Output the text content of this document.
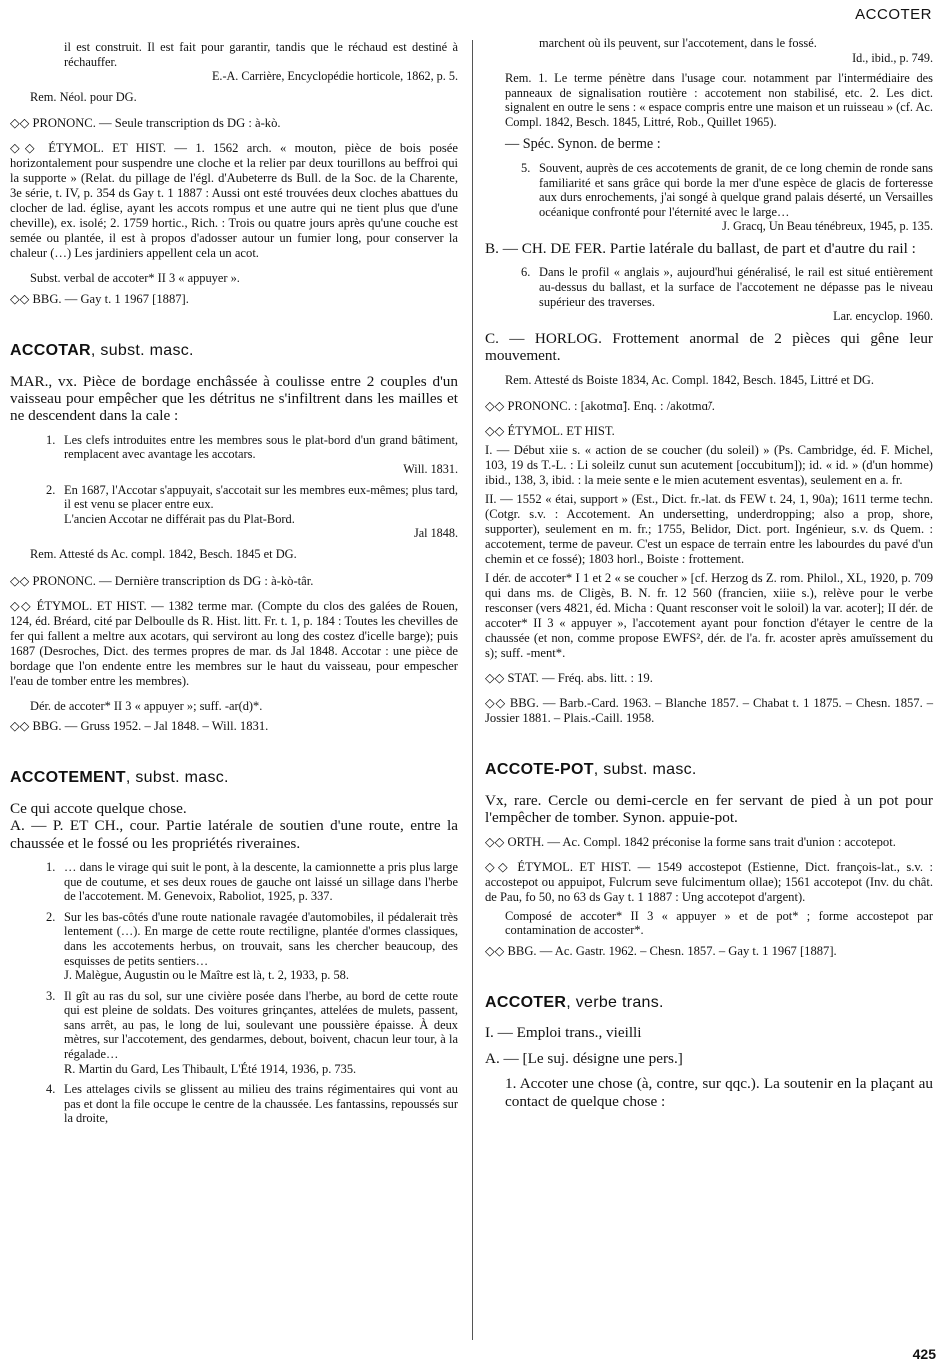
ACCOTER
il est construit. Il est fait pour garantir, tandis que le réchaud est destiné à réchauffer.
E.-A. Carrière, Encyclopédie horticole, 1862, p. 5.

Rem. Néol. pour DG.

◇◇ PRONONC. — Seule transcription ds DG : à-kò.

◇◇ ÉTYMOL. ET HIST. — 1. 1562 arch. « mouton, pièce de bois posée horizontalement pour suspendre une cloche et la relier par deux tourillons au beffroi qui la supporte » (Relat. du pillage de l'égl. d'Aubeterre ds Bull. de la Soc. de la Charente, 3e série, t. IV, p. 354 ds Gay t. 1 1887 : Aussi ont esté trouvées deux cloches abattues du clocher de lad. église, ayant les accots rompus et une autre qui ne tient plus que d'une cheville), ex. isolé; 2. 1759 hortic., Rich. : Trois ou quatre jours après qu'une couche est semée ou plantée, il est à propos d'adosser autour un fumier long, pour conserver la chaleur (…) Les jardiniers appellent cela un acot.

Subst. verbal de accoter* II 3 « appuyer ».

◇◇ BBG. — Gay t. 1 1967 [1887].

ACCOTAR, subst. masc.

MAR., vx. Pièce de bordage enchâssée à coulisse entre 2 couples d'un vaisseau pour empêcher que les détritus ne s'infiltrent dans les mailles et ne descendent dans la cale :

1. Les clefs introduites entre les membres sous le plat-bord d'un grand bâtiment, remplacent avec avantage les accotars.
Will. 1831.
2. En 1687, l'Accotar s'appuyait, s'accotait sur les membres eux-mêmes; plus tard, il est venu se placer entre eux.
L'ancien Accotar ne différait pas du Plat-Bord.
Jal 1848.

Rem. Attesté ds Ac. compl. 1842, Besch. 1845 et DG.

◇◇ PRONONC. — Dernière transcription ds DG : à-kò-târ.

◇◇ ÉTYMOL. ET HIST. — 1382 terme mar. (Compte du clos des galées de Rouen, 124, éd. Bréard, cité par Delboulle ds R. Hist. litt. Fr. t. 1, p. 184 : Toutes les chevilles de fer qui fallent a meltre aux acotars, qui serviront au long des costez d'icelle barge); puis 1687 (Desroches, Dict. des termes propres de mar. ds Jal 1848. Accotar : une pièce de bordage que l'on endente entre les membres sur le haut du vaisseau, pour empescher l'eau de tomber entre les membres).

Dér. de accoter* II 3 « appuyer »; suff. -ar(d)*.

◇◇ BBG. — Gruss 1952. – Jal 1848. – Will. 1831.

ACCOTEMENT, subst. masc.

Ce qui accote quelque chose.

A. — P. ET CH., cour. Partie latérale de soutien d'une route, entre la chaussée et le fossé ou les propriétés riveraines.

1. … dans le virage qui suit le pont, à la descente, la camionnette a pris plus large que de coutume, et ses deux roues de gauche ont laissé un sillage dans l'herbe de l'accotement. M. Genevoix, Raboliot, 1925, p. 337.
2. Sur les bas-côtés d'une route nationale ravagée d'automobiles, il pédalerait très lentement (…). En marge de cette route rectiligne, plantée d'ormes classiques, dans les accotements herbus, on trouvait, sans les chercher beaucoup, des esquisses de petits sentiers…
J. Malègue, Augustin ou le Maître est là, t. 2, 1933, p. 58.
3. Il gît au ras du sol, sur une civière posée dans l'herbe, au bord de cette route qui est pleine de soldats. Des voitures grinçantes, attelées de mulets, passent, sans arrêt, au pas, le long de lui, soulevant une poussière épaisse. À deux mètres, sur l'accotement, des gendarmes, debout, boivent, chacun leur tour, à la régalade…
R. Martin du Gard, Les Thibault, L'Été 1914, 1936, p. 735.
4. Les attelages civils se glissent au milieu des trains régimentaires qui vont au pas et dont la file occupe le centre de la chaussée. Les fantassins, repoussés sur la droite,
marchent où ils peuvent, sur l'accotement, dans le fossé.
Id., ibid., p. 749.

Rem. 1. Le terme pénètre dans l'usage cour. notamment par l'intermédiaire des panneaux de signalisation routière : accotement non stabilisé, etc. 2. Les dict. signalent en outre le sens : « espace compris entre une maison et un ruisseau » (cf. Ac. Compl. 1842, Besch. 1845, Littré, Rob., Quillet 1965).

— Spéc. Synon. de berme :

5. Souvent, auprès de ces accotements de granit, de ce long chemin de ronde sans familiarité et sans grâce qui borde la mer d'une espèce de glacis de forteresse aux durs enrochements, j'ai songé à quelque grand palais déserté, un Versailles océanique confronté pour l'éternité avec le large…
J. Gracq, Un Beau ténébreux, 1945, p. 135.

B. — CH. DE FER. Partie latérale du ballast, de part et d'autre du rail :

6. Dans le profil « anglais », aujourd'hui généralisé, le rail est situé entièrement au-dessus du ballast, et la surface de l'accotement ne dépasse pas le niveau supérieur des traverses.
Lar. encyclop. 1960.

C. — HORLOG. Frottement anormal de 2 pièces qui gêne leur mouvement.

Rem. Attesté ds Boiste 1834, Ac. Compl. 1842, Besch. 1845, Littré et DG.

◇◇ PRONONC. : [akotmɑ̃]. Enq. : /akotmɑ̃/.

◇◇ ÉTYMOL. ET HIST.

I. — Début xiie s. « action de se coucher (du soleil) » (Ps. Cambridge, éd. F. Michel, 103, 19 ds T.-L. : Li soleilz cunut sun acutement [occubitum]); id. « id. » (d'un homme) ibid., 138, 3, ibid. : la meie sente e le mien acutement esventas), seulement en a. fr.

II. — 1552 « étai, support » (Est., Dict. fr.-lat. ds FEW t. 24, 1, 90a); 1611 terme techn. (Cotgr. s.v. : Accotement. An undersetting, underdropping; also a prop, shore, supporter), seulement en m. fr.; 1755, Belidor, Dict. port. Ingénieur, s.v. ds Quem. : accotement, terme de paveur. C'est un espace de terrain entre les labourdes du pavé d'un chemin et ce fossé); 1803 horl., Boiste : frottement.

I dér. de accoter* I 1 et 2 « se coucher » [cf. Herzog ds Z. rom. Philol., XL, 1920, p. 709 qui dans ms. de Cligès, B. N. fr. 12 560 (francien, xiiie s.), relève pour le verbe resconser (vers 4821, éd. Micha : Quant resconser voit le soloil) la var. acoter]; II dér. de accoter* II 3 « appuyer », l'accotement ayant pour fonction d'étayer le centre de la chaussée (et non, comme propose EWFS², dér. de l'a. fr. acoster après amuïssement du s); suff. -ment*.

◇◇ STAT. — Fréq. abs. litt. : 19.

◇◇ BBG. — Barb.-Card. 1963. – Blanche 1857. – Chabat t. 1 1875. – Chesn. 1857. – Jossier 1881. – Plais.-Caill. 1958.

ACCOTE-POT, subst. masc.

Vx, rare. Cercle ou demi-cercle en fer servant de pied à un pot pour l'empêcher de tomber. Synon. appuie-pot.

◇◇ ORTH. — Ac. Compl. 1842 préconise la forme sans trait d'union : accotepot.

◇◇ ÉTYMOL. ET HIST. — 1549 accostepot (Estienne, Dict. françois-lat., s.v. : accostepot ou appuipot, Fulcrum seve fulcimentum ollae); 1561 accotepot (Inv. du chât. de Pau, fo 50, no 63 ds Gay t. 1 1887 : Ung accotepot d'argent).

Composé de accoter* II 3 « appuyer » et de pot* ; forme accostepot par contamination de accoster*.

◇◇ BBG. — Ac. Gastr. 1962. – Chesn. 1857. – Gay t. 1 1967 [1887].

ACCOTER, verbe trans.

I. — Emploi trans., vieilli

A. — [Le suj. désigne une pers.]

1. Accoter une chose (à, contre, sur qqc.). La soutenir en la plaçant au contact de quelque chose :

425
